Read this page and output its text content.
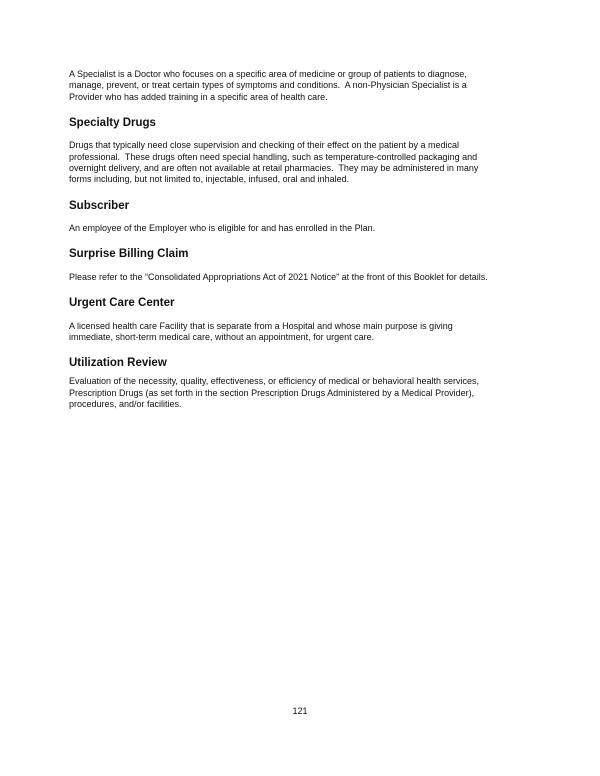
A Specialist is a Doctor who focuses on a specific area of medicine or group of patients to diagnose,
manage, prevent, or treat certain types of symptoms and conditions.  A non-Physician Specialist is a
Provider who has added training in a specific area of health care.

Specialty Drugs

Drugs that typically need close supervision and checking of their effect on the patient by a medical
professional.  These drugs often need special handling, such as temperature-controlled packaging and
overnight delivery, and are often not available at retail pharmacies.  They may be administered in many
forms including, but not limited to, injectable, infused, oral and inhaled.

Subscriber

An employee of the Employer who is eligible for and has enrolled in the Plan.

Surprise Billing Claim

Please refer to the “Consolidated Appropriations Act of 2021 Notice” at the front of this Booklet for details.

Urgent Care Center

A licensed health care Facility that is separate from a Hospital and whose main purpose is giving
immediate, short-term medical care, without an appointment, for urgent care.

Utilization Review

Evaluation of the necessity, quality, effectiveness, or efficiency of medical or behavioral health services,
Prescription Drugs (as set forth in the section Prescription Drugs Administered by a Medical Provider),
procedures, and/or facilities.

121
